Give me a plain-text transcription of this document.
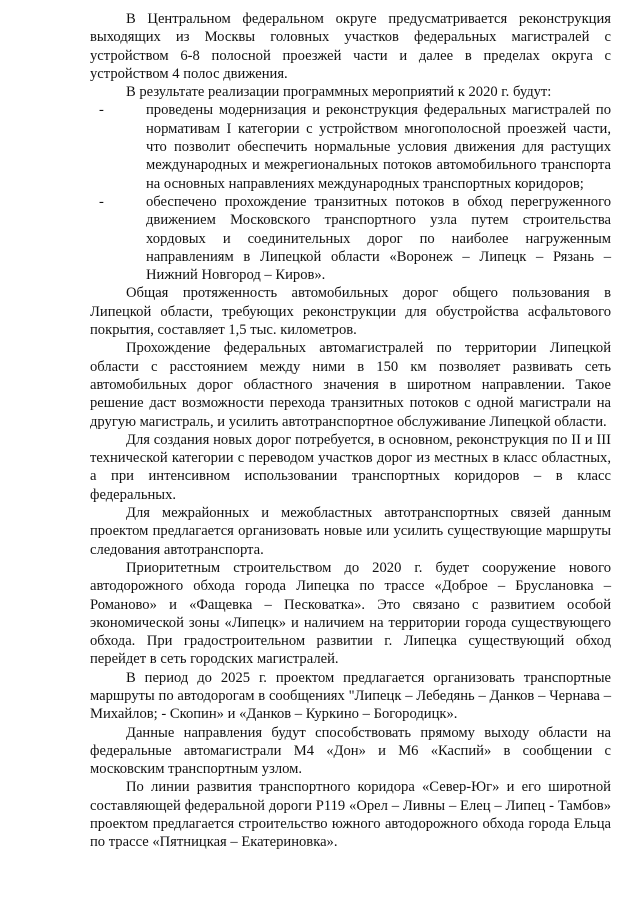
В Центральном федеральном округе предусматривается реконструкция выходящих из Москвы головных участков федеральных магистралей с устройством 6-8 полосной проезжей части и далее в пределах округа с устройством 4 полос движения.

В результате реализации программных мероприятий к 2020 г. будут:

-	проведены модернизация и реконструкция федеральных магистралей по нормативам I категории с устройством многополосной проезжей части, что позволит обеспечить нормальные условия движения для растущих международных и межрегиональных потоков автомобильного транспорта на основных направлениях международных транспортных коридоров;
-	обеспечено прохождение транзитных потоков в обход перегруженного движением Московского транспортного узла путем строительства хордовых и соединительных дорог по наиболее нагруженным направлениям в Липецкой области «Воронеж – Липецк – Рязань – Нижний Новгород – Киров».

Общая протяженность автомобильных дорог общего пользования в Липецкой области, требующих реконструкции для обустройства асфальтового покрытия, составляет 1,5 тыс. километров.

Прохождение федеральных автомагистралей по территории Липецкой области с расстоянием между ними в 150 км позволяет развивать сеть автомобильных дорог областного значения в широтном направлении. Такое решение даст возможности перехода транзитных потоков с одной магистрали на другую магистраль, и усилить автотранспортное обслуживание Липецкой области.

Для создания новых дорог потребуется, в основном, реконструкция по II и III технической категории с переводом участков дорог из местных в класс областных, а при интенсивном использовании транспортных коридоров – в класс федеральных.

Для межрайонных и межобластных автотранспортных связей данным проектом предлагается организовать новые или усилить существующие маршруты следования автотранспорта.

Приоритетным строительством до 2020 г. будет сооружение нового автодорожного обхода города Липецка по трассе «Доброе – Бруслановка – Романово» и «Фащевка – Песковатка». Это связано с развитием особой экономической зоны «Липецк» и наличием на территории города существующего обхода. При градостроительном развитии г. Липецка существующий обход перейдет в сеть городских магистралей.

В период до 2025 г. проектом предлагается организовать транспортные маршруты по автодорогам в сообщениях "Липецк – Лебедянь – Данков – Чернава – Михайлов; - Скопин» и «Данков – Куркино – Богородицк».

Данные направления будут способствовать прямому выходу области на федеральные автомагистрали М4 «Дон» и М6 «Каспий» в сообщении с московским транспортным узлом.

По линии развития транспортного коридора «Север-Юг» и его широтной составляющей федеральной дороги Р119 «Орел – Ливны – Елец – Липец - Тамбов» проектом предлагается строительство южного автодорожного обхода города Ельца по трассе «Пятницкая – Екатериновка».
